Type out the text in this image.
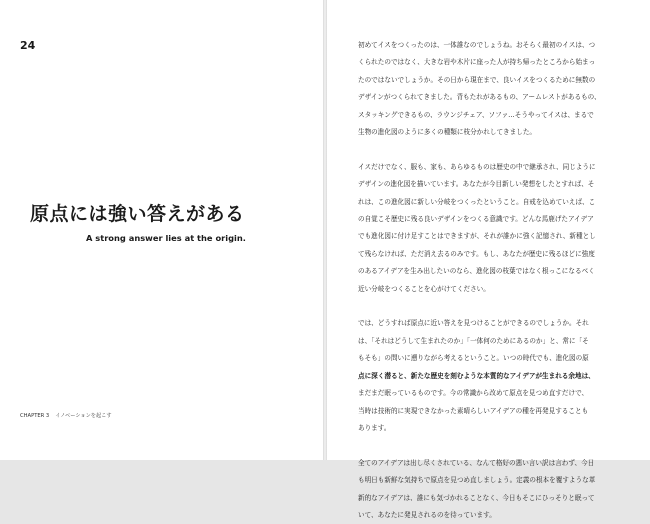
24
原点には強い答えがある
A strong answer lies at the origin.
CHAPTER 3 イノベーションを起こす

初めてイスをつくったのは、一体誰なのでしょうね。おそらく最初のイスは、つ
くられたのではなく、大きな岩や木片に座った人が持ち帰ったところから始まっ
たのではないでしょうか。その日から現在まで、良いイスをつくるために無数の
デザインがつくられてきました。背もたれがあるもの、アームレストがあるもの、
スタッキングできるもの、ラウンジチェア、ソファ…そうやってイスは、まるで
生物の進化図のように多くの種類に枝分かれしてきました。

イスだけでなく、服も、家も、あらゆるものは歴史の中で継承され、同じように
デザインの進化図を描いています。あなたが今目新しい発想をしたとすれば、そ
れは、この進化図に新しい分岐をつくったということ。自戒を込めていえば、こ
の自覚こそ歴史に残る良いデザインをつくる意識です。どんな馬鹿げたアイデア
でも進化図に付け足すことはできますが、それが誰かに強く記憶され、新種とし
て残らなければ、ただ消え去るのみです。もし、あなたが歴史に残るほどに強度
のあるアイデアを生み出したいのなら、進化図の枝葉ではなく根っこになるべく
近い分岐をつくることを心がけてください。

では、どうすれば原点に近い答えを見つけることができるのでしょうか。それ
は、「それはどうして生まれたのか」「一体何のためにあるのか」と、常に「そ
もそも」の問いに遡りながら考えるということ。いつの時代でも、進化図の原
点に深く潜ると、新たな歴史を刻むような本質的なアイデアが生まれる余地は、
まだまだ眠っているものです。今の常識から改めて原点を見つめ直すだけで、
当時は技術的に実現できなかった素晴らしいアイデアの種を再発見することも
あります。

全てのアイデアは出し尽くされている、なんて格好の悪い言い訳は言わず、今日
も明日も新鮮な気持ちで原点を見つめ直しましょう。定義の根本を覆すような革
新的なアイデアは、誰にも気づかれることなく、今日もそこにひっそりと眠って
いて、あなたに発見されるのを待っています。
